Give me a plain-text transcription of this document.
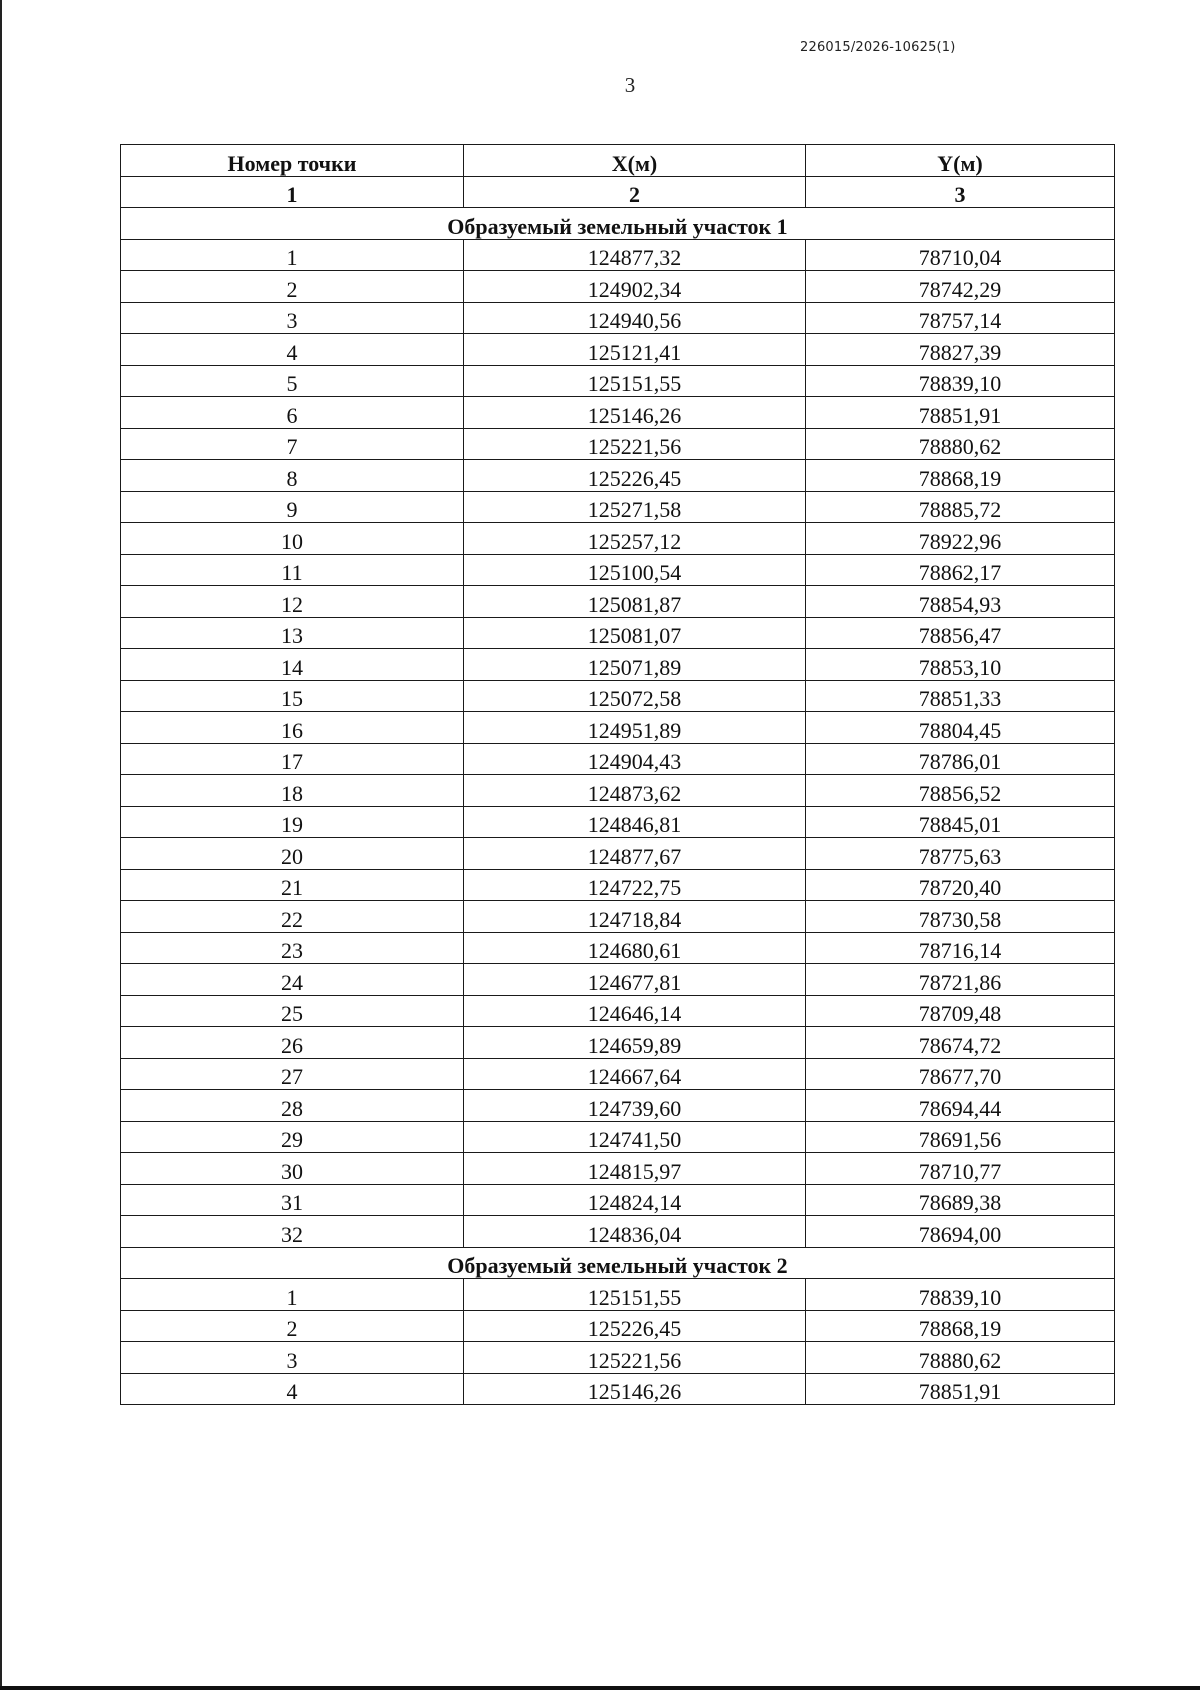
226015/2026-10625(1)
3
Номер точки	X(м)	Y(м)
1	2	3
Образуемый земельный участок 1		
1	124877,32	78710,04
2	124902,34	78742,29
3	124940,56	78757,14
4	125121,41	78827,39
5	125151,55	78839,10
6	125146,26	78851,91
7	125221,56	78880,62
8	125226,45	78868,19
9	125271,58	78885,72
10	125257,12	78922,96
11	125100,54	78862,17
12	125081,87	78854,93
13	125081,07	78856,47
14	125071,89	78853,10
15	125072,58	78851,33
16	124951,89	78804,45
17	124904,43	78786,01
18	124873,62	78856,52
19	124846,81	78845,01
20	124877,67	78775,63
21	124722,75	78720,40
22	124718,84	78730,58
23	124680,61	78716,14
24	124677,81	78721,86
25	124646,14	78709,48
26	124659,89	78674,72
27	124667,64	78677,70
28	124739,60	78694,44
29	124741,50	78691,56
30	124815,97	78710,77
31	124824,14	78689,38
32	124836,04	78694,00
Образуемый земельный участок 2		
1	125151,55	78839,10
2	125226,45	78868,19
3	125221,56	78880,62
4	125146,26	78851,91
